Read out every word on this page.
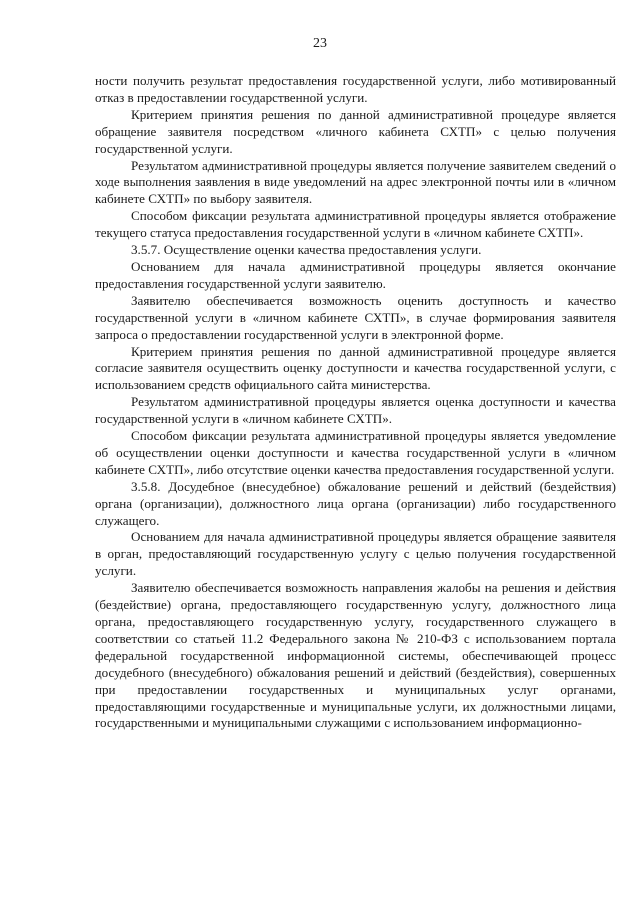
23

ности получить результат предоставления государственной услуги, либо мотивированный отказ в предоставлении государственной услуги.

Критерием принятия решения по данной административной процедуре является обращение заявителя посредством «личного кабинета СХТП» с целью получения государственной услуги.

Результатом административной процедуры является получение заявителем сведений о ходе выполнения заявления в виде уведомлений на адрес электронной почты или в «личном кабинете СХТП» по выбору заявителя.

Способом фиксации результата административной процедуры является отображение текущего статуса предоставления государственной услуги в «личном кабинете СХТП».

3.5.7. Осуществление оценки качества предоставления услуги.

Основанием для начала административной процедуры является окончание предоставления государственной услуги заявителю.

Заявителю обеспечивается возможность оценить доступность и качество государственной услуги в «личном кабинете СХТП», в случае формирования заявителя запроса о предоставлении государственной услуги в электронной форме.

Критерием принятия решения по данной административной процедуре является согласие заявителя осуществить оценку доступности и качества государственной услуги, с использованием средств официального сайта министерства.

Результатом административной процедуры является оценка доступности и качества государственной услуги в «личном кабинете СХТП».

Способом фиксации результата административной процедуры является уведомление об осуществлении оценки доступности и качества государственной услуги в «личном кабинете СХТП», либо отсутствие оценки качества предоставления государственной услуги.

3.5.8. Досудебное (внесудебное) обжалование решений и действий (бездействия) органа (организации), должностного лица органа (организации) либо государственного служащего.

Основанием для начала административной процедуры является обращение заявителя в орган, предоставляющий государственную услугу с целью получения государственной услуги.

Заявителю обеспечивается возможность направления жалобы на решения и действия (бездействие) органа, предоставляющего государственную услугу, должностного лица органа, предоставляющего государственную услугу, государственного служащего в соответствии со статьей 11.2 Федерального закона № 210-ФЗ с использованием портала федеральной государственной информационной системы, обеспечивающей процесс досудебного (внесудебного) обжалования решений и действий (бездействия), совершенных при предоставлении государственных и муниципальных услуг органами, предоставляющими государственные и муниципальные услуги, их должностными лицами, государственными и муниципальными служащими с использованием информационно-
